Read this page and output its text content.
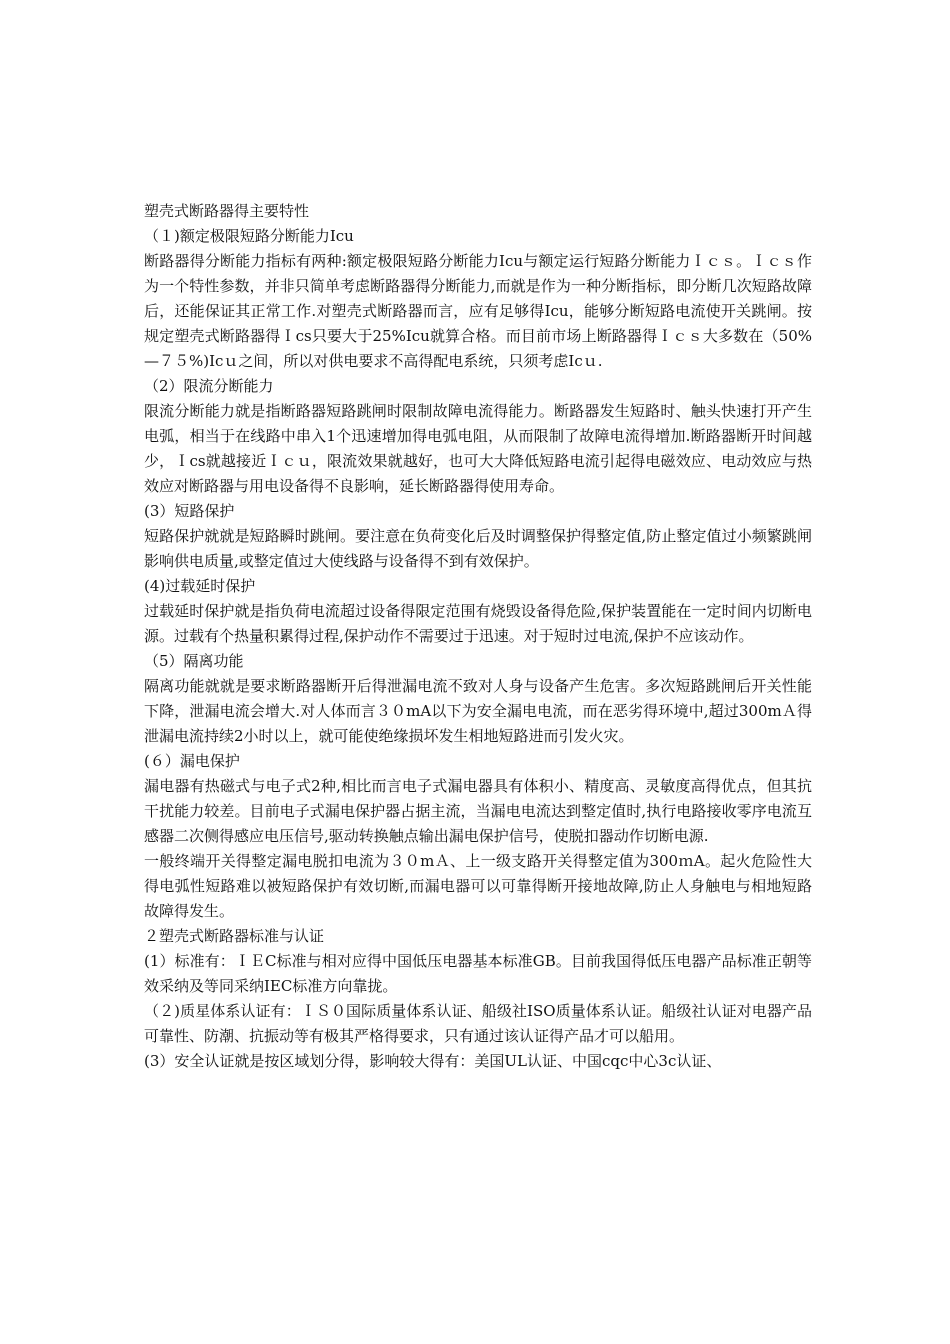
塑壳式断路器得主要特性

（１)额定极限短路分断能力Icu

断路器得分断能力指标有两种:额定极限短路分断能力Icu与额定运行短路分断能力Ｉｃｓ。Ｉｃｓ作为一个特性参数，并非只简单考虑断路器得分断能力,而就是作为一种分断指标，即分断几次短路故障后，还能保证其正常工作.对塑壳式断路器而言，应有足够得Icu，能够分断短路电流使开关跳闸。按规定塑壳式断路器得Ｉcs只要大于25%Icu就算合格。而目前市场上断路器得Ｉｃｓ大多数在（50%—７５%)Icｕ之间，所以对供电要求不高得配电系统，只须考虑Icｕ.

（2）限流分断能力

限流分断能力就是指断路器短路跳闸时限制故障电流得能力。断路器发生短路时、触头快速打开产生电弧，相当于在线路中串入1个迅速增加得电弧电阻，从而限制了故障电流得增加.断路器断开时间越少，Ｉcs就越接近Ｉｃｕ，限流效果就越好，也可大大降低短路电流引起得电磁效应、电动效应与热效应对断路器与用电设备得不良影响，延长断路器得使用寿命。

(3）短路保护

短路保护就就是短路瞬时跳闸。要注意在负荷变化后及时调整保护得整定值,防止整定值过小频繁跳闸影响供电质量,或整定值过大使线路与设备得不到有效保护。

(4)过载延时保护

过载延时保护就是指负荷电流超过设备得限定范围有烧毁设备得危险,保护装置能在一定时间内切断电源。过载有个热量积累得过程,保护动作不需要过于迅速。对于短时过电流,保护不应该动作。

（5）隔离功能

隔离功能就就是要求断路器断开后得泄漏电流不致对人身与设备产生危害。多次短路跳闸后开关性能下降，泄漏电流会增大.对人体而言３０mA以下为安全漏电电流，而在恶劣得环境中,超过300mＡ得泄漏电流持续2小时以上，就可能使绝缘损坏发生相地短路进而引发火灾。

(６）漏电保护

漏电器有热磁式与电子式2种,相比而言电子式漏电器具有体积小、精度高、灵敏度高得优点，但其抗干扰能力较差。目前电子式漏电保护器占据主流，当漏电电流达到整定值时,执行电路接收零序电流互感器二次侧得感应电压信号,驱动转换触点输出漏电保护信号，使脱扣器动作切断电源.

一般终端开关得整定漏电脱扣电流为３０mＡ、上一级支路开关得整定值为300ｍA。起火危险性大得电弧性短路难以被短路保护有效切断,而漏电器可以可靠得断开接地故障,防止人身触电与相地短路故障得发生。

２塑壳式断路器标准与认证

(1）标准有：ＩＥC标准与相对应得中国低压电器基本标准GB。目前我国得低压电器产品标准正朝等效采纳及等同采纳IEC标准方向靠拢。

（２)质星体系认证有：ＩＳ０国际质量体系认证、船级社ISO质量体系认证。船级社认证对电器产品可靠性、防潮、抗振动等有极其严格得要求，只有通过该认证得产品才可以船用。

(3）安全认证就是按区域划分得，影响较大得有：美国UL认证、中国cqc中心3c认证、
